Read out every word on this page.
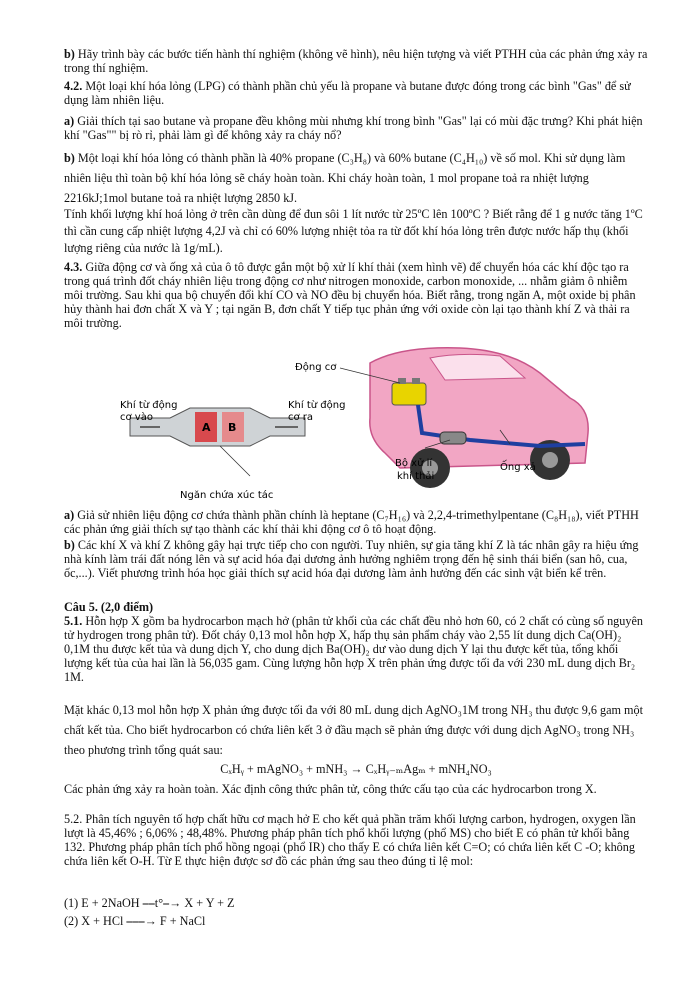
b) Hãy trình bày các bước tiến hành thí nghiệm (không vẽ hình), nêu hiện tượng và viết PTHH của các phản ứng xảy ra trong thí nghiệm.

4.2. Một loại khí hóa lỏng (LPG) có thành phần chủ yếu là propane và butane được đóng trong các bình "Gas" để sử dụng làm nhiên liệu.

a) Giải thích tại sao butane và propane đều không mùi nhưng khí trong bình "Gas" lại có mùi đặc trưng? Khi phát hiện khí "Gas"" bị rò rỉ, phải làm gì để không xảy ra cháy nổ?

b) Một loại khí hóa lỏng có thành phần là 40% propane (C₃H₈) và 60% butane (C₄H₁₀) về số mol. Khi sử dụng làm nhiên liệu thì toàn bộ khí hóa lỏng sẽ cháy hoàn toàn. Khi cháy hoàn toàn, 1 mol propane toả ra nhiệt lượng 2216kJ;1mol butane toả ra nhiệt lượng 2850 kJ.

Tính khối lượng khí hoá lỏng ở trên cần dùng để đun sôi 1 lít nước từ 25ºC lên 100ºC ? Biết rằng để 1 g nước tăng 1ºC thì cần cung cấp nhiệt lượng 4,2J và chỉ có 60% lượng nhiệt tỏa ra từ đốt khí hóa lỏng trên được nước hấp thụ (khối lượng riêng của nước là 1g/mL).

4.3. Giữa động cơ và ống xả của ô tô được gắn một bộ xử lí khí thải (xem hình vẽ) để chuyển hóa các khí độc tạo ra trong quá trình đốt cháy nhiên liệu trong động cơ như nitrogen monoxide, carbon monoxide, ... nhằm giảm ô nhiễm môi trường. Sau khi qua bộ chuyển đổi khí CO và NO đều bị chuyển hóa. Biết rằng, trong ngăn A, một oxide bị phân hủy thành hai đơn chất X và Y ; tại ngăn B, đơn chất Y tiếp tục phản ứng với oxide còn lại tạo thành khí Z và thải ra môi trường.

Động cơ
Khí từ động
cơ vào
Khí từ động
cơ ra
A B
Bộ xử lí
khí thải
Ống xả
Ngăn chứa xúc tác

a) Giả sử nhiên liệu động cơ chứa thành phần chính là heptane (C₇H₁₆) và 2,2,4-trimethylpentane (C₈H₁₈), viết PTHH các phản ứng giải thích sự tạo thành các khí thải khi động cơ ô tô hoạt động.

b) Các khí X và khí Z không gây hại trực tiếp cho con người. Tuy nhiên, sự gia tăng khí Z là tác nhân gây ra hiệu ứng nhà kính làm trái đất nóng lên và sự acid hóa đại dương ảnh hưởng nghiêm trọng đến hệ sinh thái biển (san hô, cua, ốc,...). Viết phương trình hóa học giải thích sự acid hóa đại dương làm ảnh hưởng đến các sinh vật biển kể trên.

Câu 5. (2,0 điểm)

5.1. Hỗn hợp X gồm ba hydrocarbon mạch hở (phân tử khối của các chất đều nhỏ hơn 60, có 2 chất có cùng số nguyên tử hydrogen trong phân tử). Đốt cháy 0,13 mol hỗn hợp X, hấp thụ sản phẩm cháy vào 2,55 lít dung dịch Ca(OH)₂ 0,1M thu được kết tủa và dung dịch Y, cho dung dịch Ba(OH)₂ dư vào dung dịch Y lại thu được kết tủa, tổng khối lượng kết tủa của hai lần là 56,035 gam. Cùng lượng hỗn hợp X trên phản ứng được tối đa với 230 mL dung dịch Br₂ 1M.

Mặt khác 0,13 mol hỗn hợp X phản ứng được tối đa với 80 mL dung dịch AgNO₃1M trong NH₃ thu được 9,6 gam một chất kết tủa. Cho biết hydrocarbon có chứa liên kết 3 ở đầu mạch sẽ phản ứng được với dung dịch AgNO₃ trong NH₃ theo phương trình tổng quát sau:

CₓHᵧ + mAgNO₃ + mNH₃ → CₓHᵧ₋ₘAgₘ + mNH₄NO₃

Các phản ứng xảy ra hoàn toàn. Xác định công thức phân tử, công thức cấu tạo của các hydrocarbon trong X.

5.2. Phân tích nguyên tố hợp chất hữu cơ mạch hở E cho kết quả phần trăm khối lượng carbon, hydrogen, oxygen lần lượt là 45,46% ; 6,06% ; 48,48%. Phương pháp phân tích phổ khối lượng (phổ MS) cho biết E có phân tử khối bằng 132. Phương pháp phân tích phổ hồng ngoại (phổ IR) cho thấy E có chứa liên kết C=O; có chứa liên kết C -O; không chứa liên kết O-H. Từ E thực hiện được sơ đồ các phản ứng sau theo đúng tỉ lệ mol:

(1) E + 2NaOH ⎯⎯t°⎯→ X + Y + Z

(2) X + HCl ⎯⎯⎯→ F + NaCl
